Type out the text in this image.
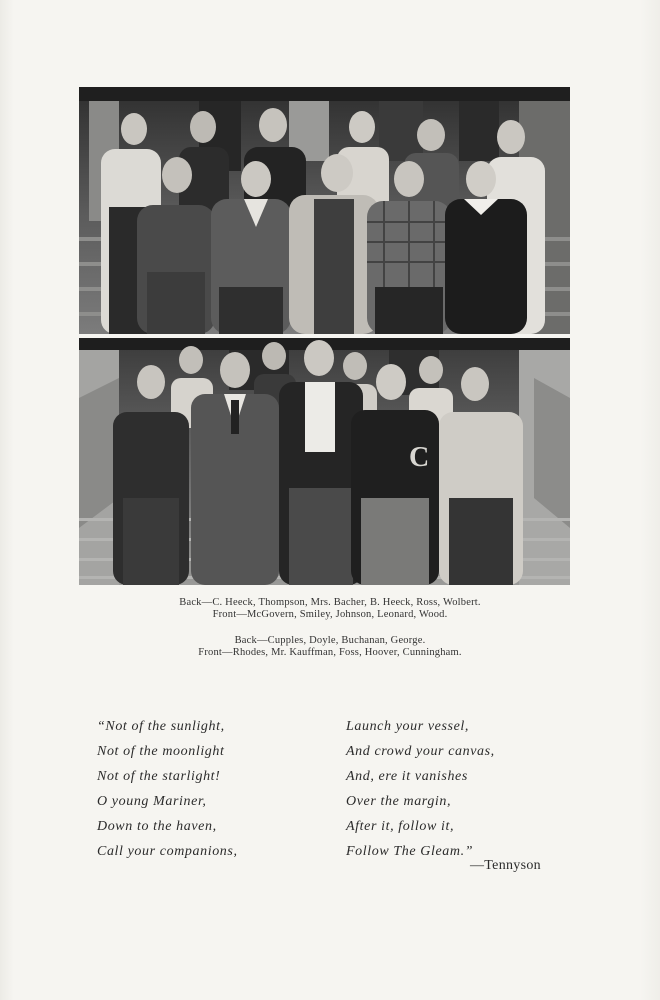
C
Back—C. Heeck, Thompson, Mrs. Bacher, B. Heeck, Ross, Wolbert.
Front—McGovern, Smiley, Johnson, Leonard, Wood.
Back—Cupples, Doyle, Buchanan, George.
Front—Rhodes, Mr. Kauffman, Foss, Hoover, Cunningham.
“Not of the sunlight,
Not of the moonlight
Not of the starlight!
O young Mariner,
Down to the haven,
Call your companions,
Launch your vessel,
And crowd your canvas,
And, ere it vanishes
Over the margin,
After it, follow it,
Follow The Gleam.”
—Tennyson
